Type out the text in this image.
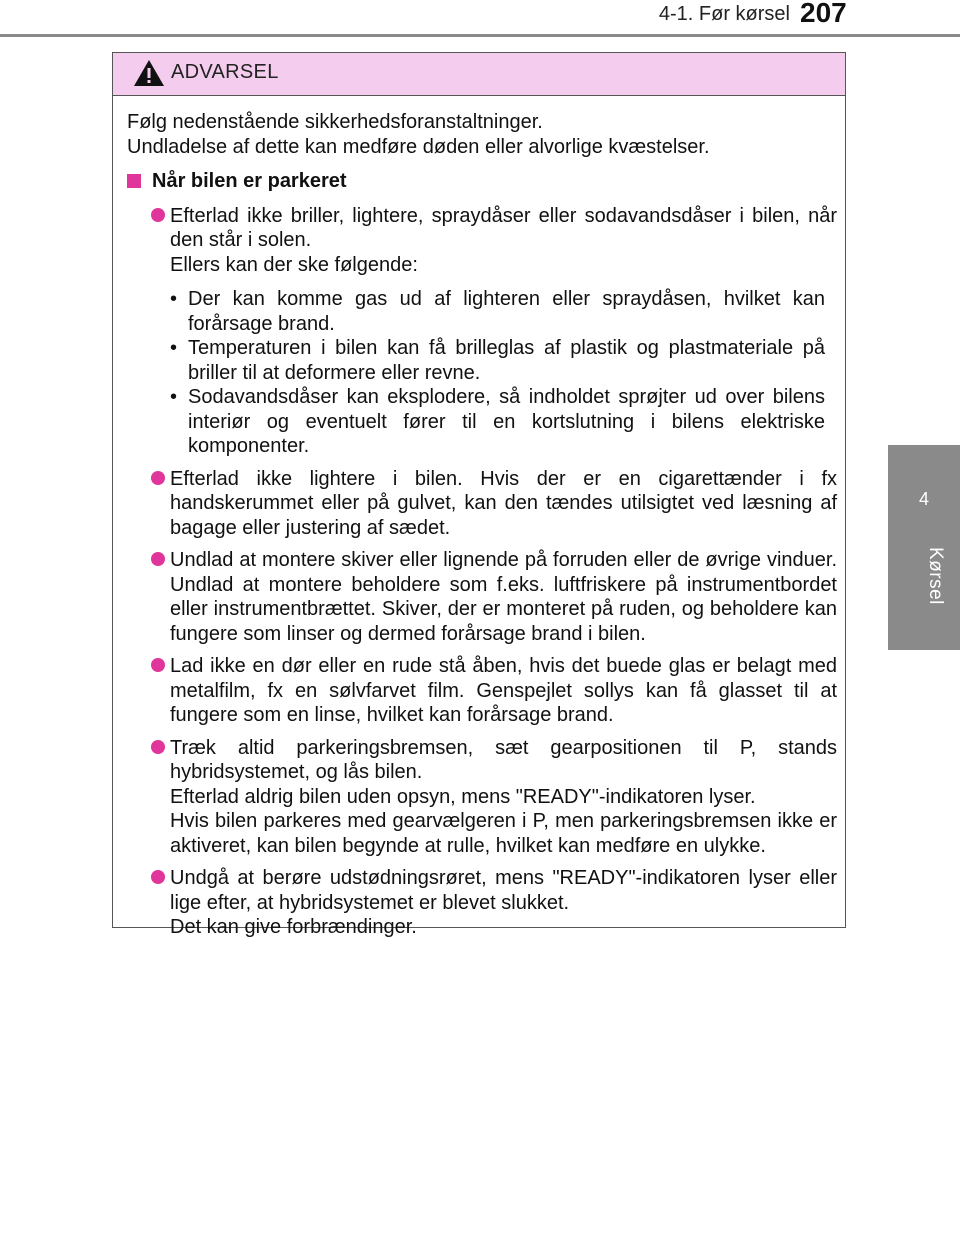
4-1. Før kørsel 207
4
Kørsel
ADVARSEL

Følg nedenstående sikkerhedsforanstaltninger.

Undladelse af dette kan medføre døden eller alvorlige kvæstelser.

Når bilen er parkeret

Efterlad ikke briller, lightere, spraydåser eller sodavandsdåser i bilen, når den står i solen.

Ellers kan der ske følgende:

• Der kan komme gas ud af lighteren eller spraydåsen, hvilket kan forårsage brand.
• Temperaturen i bilen kan få brilleglas af plastik og plastmateriale på briller til at deformere eller revne.
• Sodavandsdåser kan eksplodere, så indholdet sprøjter ud over bilens interiør og eventuelt fører til en kortslutning i bilens elektriske komponenter.

Efterlad ikke lightere i bilen. Hvis der er en cigarettænder i fx handskerummet eller på gulvet, kan den tændes utilsigtet ved læsning af bagage eller justering af sædet.

Undlad at montere skiver eller lignende på forruden eller de øvrige vinduer. Undlad at montere beholdere som f.eks. luftfriskere på instrumentbordet eller instrumentbrættet. Skiver, der er monteret på ruden, og beholdere kan fungere som linser og dermed forårsage brand i bilen.

Lad ikke en dør eller en rude stå åben, hvis det buede glas er belagt med metalfilm, fx en sølvfarvet film. Genspejlet sollys kan få glasset til at fungere som en linse, hvilket kan forårsage brand.

Træk altid parkeringsbremsen, sæt gearpositionen til P, stands hybridsystemet, og lås bilen.

Efterlad aldrig bilen uden opsyn, mens "READY"-indikatoren lyser.

Hvis bilen parkeres med gearvælgeren i P, men parkeringsbremsen ikke er aktiveret, kan bilen begynde at rulle, hvilket kan medføre en ulykke.

Undgå at berøre udstødningsrøret, mens "READY"-indikatoren lyser eller lige efter, at hybridsystemet er blevet slukket.

Det kan give forbrændinger.
